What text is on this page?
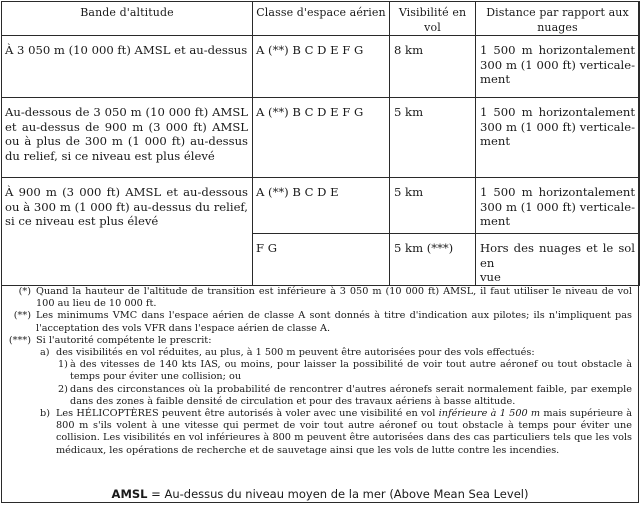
Bande d'altitude	Classe d'espace aérien	Visibilité en vol	Distance par rapport aux nuages
À 3 050 m (10 000 ft) AMSL et au-dessus	A (**) B C D E F G	8 km	1 500 m horizontalement
300 m (1 000 ft) verticale-
ment

Au-dessous de 3 050 m (10 000 ft) AMSL et au-dessus de 900 m (3 000 ft) AMSL ou à plus de 300 m (1 000 ft) au-dessus du relief, si ce niveau est plus élevé	A (**) B C D E F G	5 km	1 500 m horizontalement
300 m (1 000 ft) verticale-
ment

À 900 m (3 000 ft) AMSL et au-dessous ou à 300 m (1 000 ft) au-dessus du relief, si ce niveau est plus élevé	A (**) B C D E	5 km	1 500 m horizontalement
300 m (1 000 ft) verticale-
ment

	F G	5 km (***)	Hors des nuages et le sol en
vue
(*) Quand la hauteur de l'altitude de transition est inférieure à 3 050 m (10 000 ft) AMSL, il faut utiliser le niveau de vol 100 au lieu de 10 000 ft.
(**) Les minimums VMC dans l'espace aérien de classe A sont donnés à titre d'indication aux pilotes; ils n'impliquent pas l'acceptation des vols VFR dans l'espace aérien de classe A.
(***) Si l'autorité compétente le prescrit:
a) des visibilités en vol réduites, au plus, à 1 500 m peuvent être autorisées pour des vols effectués:
1) à des vitesses de 140 kts IAS, ou moins, pour laisser la possibilité de voir tout autre aéronef ou tout obstacle à temps pour éviter une collision; ou
2) dans des circonstances où la probabilité de rencontrer d'autres aéronefs serait normalement faible, par exemple dans des zones à faible densité de circulation et pour des travaux aériens à basse altitude.
b) Les HÉLICOPTÈRES peuvent être autorisés à voler avec une visibilité en vol inférieure à 1 500 m mais supérieure à 800 m s'ils volent à une vitesse qui permet de voir tout autre aéronef ou tout obstacle à temps pour éviter une collision. Les visibilités en vol inférieures à 800 m peuvent être autorisées dans des cas particuliers tels que les vols médicaux, les opérations de recherche et de sauvetage ainsi que les vols de lutte contre les incendies.
AMSL = Au-dessus du niveau moyen de la mer (Above Mean Sea Level)
